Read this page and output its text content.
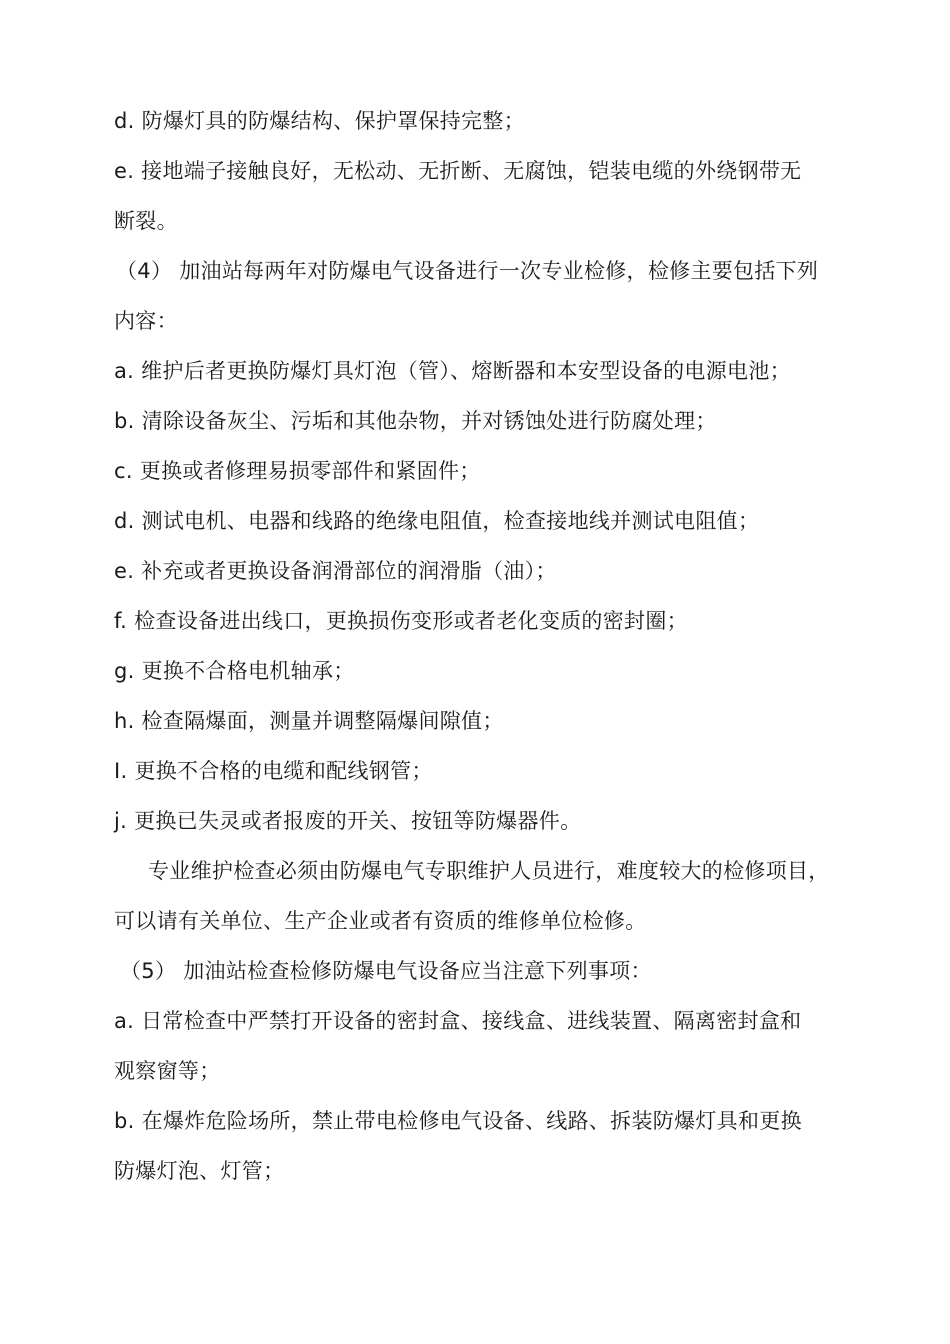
d. 防爆灯具的防爆结构、保护罩保持完整；
e. 接地端子接触良好，无松动、无折断、无腐蚀，铠装电缆的外绕钢带无
断裂。
（4） 加油站每两年对防爆电气设备进行一次专业检修，检修主要包括下列
内容：
a. 维护后者更换防爆灯具灯泡（管）、熔断器和本安型设备的电源电池；
b. 清除设备灰尘、污垢和其他杂物，并对锈蚀处进行防腐处理；
c. 更换或者修理易损零部件和紧固件；
d. 测试电机、电器和线路的绝缘电阻值，检查接地线并测试电阻值；
e. 补充或者更换设备润滑部位的润滑脂（油）；
f. 检查设备进出线口，更换损伤变形或者老化变质的密封圈；
g. 更换不合格电机轴承；
h. 检查隔爆面，测量并调整隔爆间隙值；
I. 更换不合格的电缆和配线钢管；
j. 更换已失灵或者报废的开关、按钮等防爆器件。
专业维护检查必须由防爆电气专职维护人员进行，难度较大的检修项目，
可以请有关单位、生产企业或者有资质的维修单位检修。
（5） 加油站检查检修防爆电气设备应当注意下列事项：
a. 日常检查中严禁打开设备的密封盒、接线盒、进线装置、隔离密封盒和
观察窗等；
b. 在爆炸危险场所，禁止带电检修电气设备、线路、拆装防爆灯具和更换
防爆灯泡、灯管；
